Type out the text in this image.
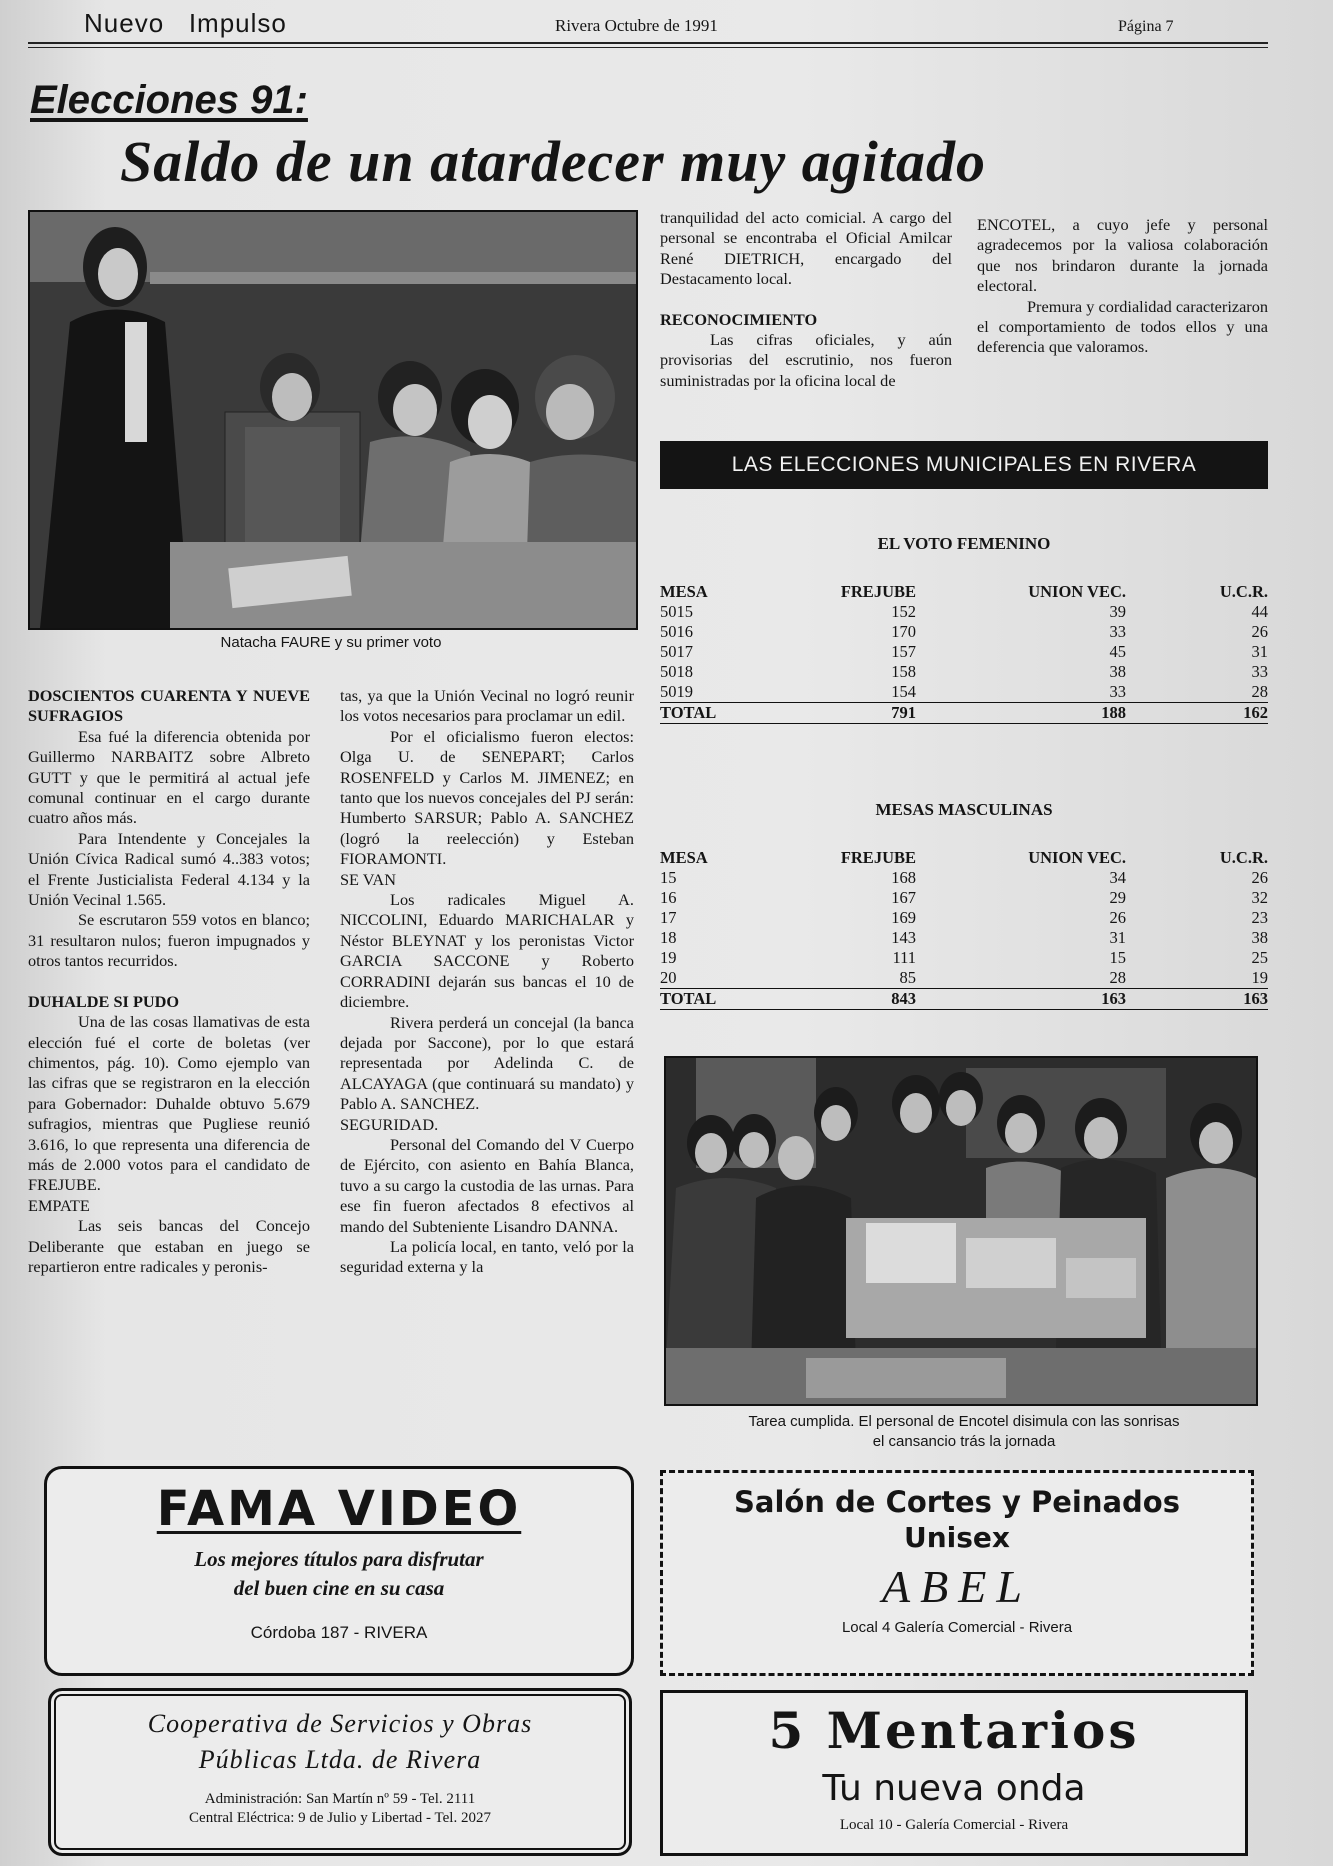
Nuevo   Impulso	Rivera Octubre de 1991	Página 7
Elecciones 91:
Saldo de un atardecer muy agitado
Natacha FAURE y su primer voto

DOSCIENTOS CUARENTA Y NUEVE SUFRAGIOS

Esa fué la diferencia obtenida por Guillermo NARBAITZ sobre Albreto GUTT y que le permitirá al actual jefe comunal continuar en el cargo durante cuatro años más.

Para Intendente y Concejales la Unión Cívica Radical sumó 4..383 votos; el Frente Justicialista Federal 4.134 y la Unión Vecinal 1.565.

Se escrutaron 559 votos en blanco; 31 resultaron nulos; fueron impugnados y otros tantos recurridos.

DUHALDE SI PUDO

Una de las cosas llamativas de esta elección fué el corte de boletas (ver chimentos, pág. 10). Como ejemplo van las cifras que se registraron en la elección para Gobernador: Duhalde obtuvo 5.679 sufragios, mientras que Pugliese reunió 3.616, lo que representa una diferencia de más de 2.000 votos para el candidato de FREJUBE.

EMPATE

Las seis bancas del Concejo Deliberante que estaban en juego se repartieron entre radicales y peronis-

tas, ya que la Unión Vecinal no logró reunir los votos necesarios para proclamar un edil.

Por el oficialismo fueron electos: Olga U. de SENEPART; Carlos ROSENFELD y Carlos M. JIMENEZ; en tanto que los nuevos concejales del PJ serán: Humberto SARSUR; Pablo A. SANCHEZ (logró la reelección) y Esteban FIORAMONTI.

SE VAN

Los radicales Miguel A. NICCOLINI, Eduardo MARICHALAR y Néstor BLEYNAT y los peronistas Victor GARCIA SACCONE y Roberto CORRADINI dejarán sus bancas el 10 de diciembre.

Rivera perderá un concejal (la banca dejada por Saccone), por lo que estará representada por Adelinda C. de ALCAYAGA (que continuará su mandato) y Pablo A. SANCHEZ.

SEGURIDAD.

Personal del Comando del V Cuerpo de Ejército, con asiento en Bahía Blanca, tuvo a su cargo la custodia de las urnas. Para ese fin fueron afectados 8 efectivos al mando del Subteniente Lisandro DANNA.

La policía local, en tanto, veló por la seguridad externa y la

tranquilidad del acto comicial. A cargo del personal se encontraba el Oficial Amilcar René DIETRICH, encargado del Destacamento local.

RECONOCIMIENTO

Las cifras oficiales, y aún provisorias del escrutinio, nos fueron suministradas por la oficina local de

ENCOTEL, a cuyo jefe y personal agradecemos por la valiosa colaboración que nos brindaron durante la jornada electoral.

Premura y cordialidad caracterizaron el comportamiento de todos ellos y una deferencia que valoramos.

LAS ELECCIONES MUNICIPALES EN RIVERA
EL VOTO FEMENINO
MESA	FREJUBE	UNION VEC.	U.C.R.
5015	152	39	44
5016	170	33	26
5017	157	45	31
5018	158	38	33
5019	154	33	28
TOTAL	791	188	162
MESAS MASCULINAS
MESA	FREJUBE	UNION VEC.	U.C.R.
15	168	34	26
16	167	29	32
17	169	26	23
18	143	31	38
19	111	15	25
20	85	28	19
TOTAL	843	163	163
Tarea cumplida. El personal de Encotel disimula con las sonrisas
el cansancio trás la jornada
FAMA VIDEO
Los mejores títulos para disfrutar
del buen cine en su casa
Córdoba 187 - RIVERA
Salón de Cortes y Peinados
Unisex
ABEL
Local 4 Galería Comercial - Rivera
Cooperativa de Servicios y Obras
Públicas Ltda. de Rivera
Administración: San Martín nº 59 - Tel. 2111
Central Eléctrica: 9 de Julio y Libertad - Tel. 2027
5 Mentarios
Tu nueva onda
Local 10 - Galería Comercial - Rivera
